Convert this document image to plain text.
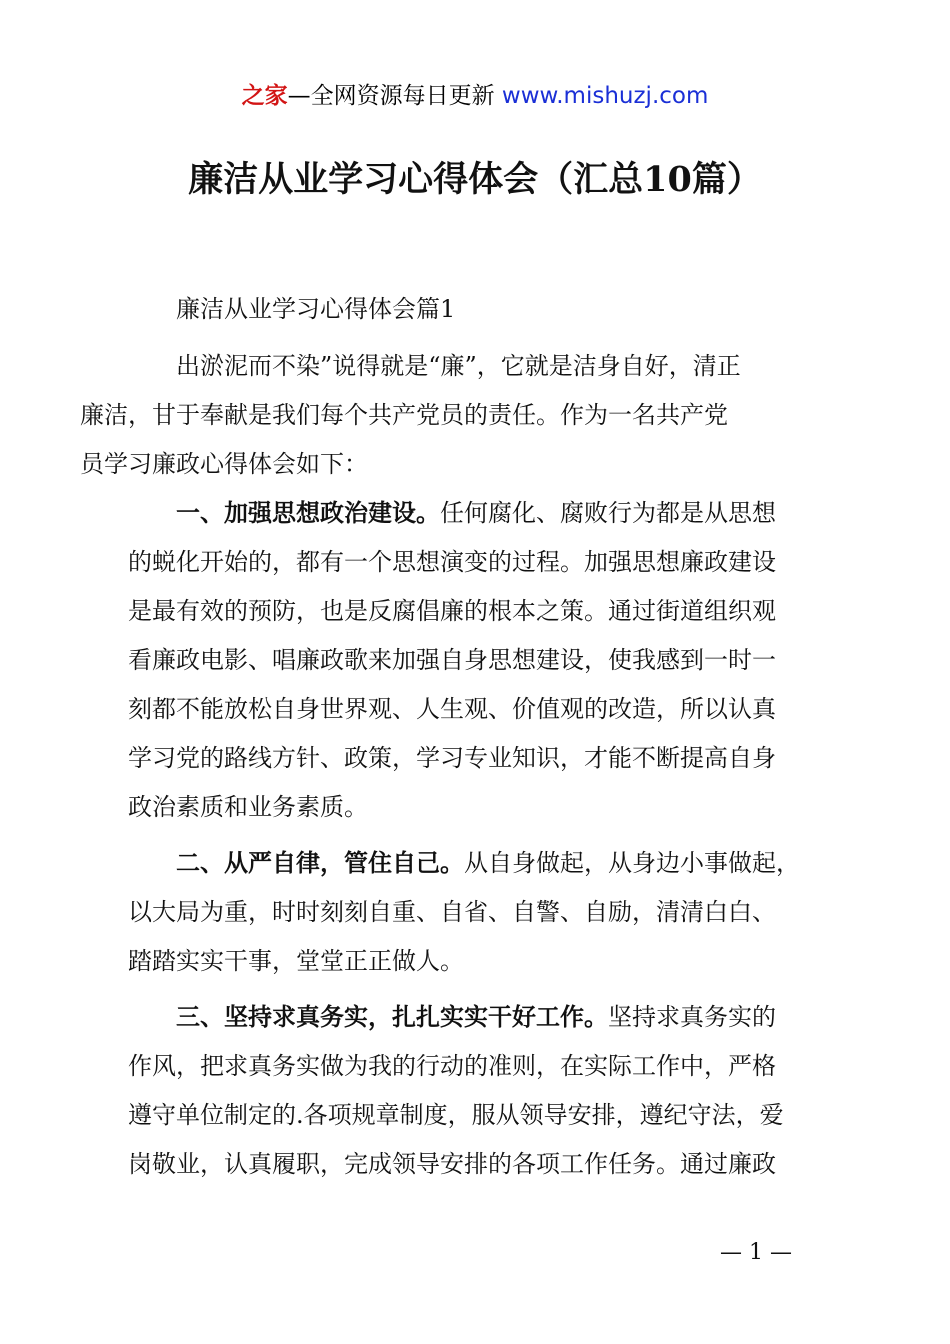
之家—全网资源每日更新 www.mishuzj.com
廉洁从业学习心得体会（汇总10篇）

廉洁从业学习心得体会篇1

出淤泥而不染”说得就是“廉”，它就是洁身自好，清正
廉洁，甘于奉献是我们每个共产党员的责任。作为一名共产党
员学习廉政心得体会如下：

一、加强思想政治建设。任何腐化、腐败行为都是从思想
的蜕化开始的，都有一个思想演变的过程。加强思想廉政建设
是最有效的预防，也是反腐倡廉的根本之策。通过街道组织观
看廉政电影、唱廉政歌来加强自身思想建设，使我感到一时一
刻都不能放松自身世界观、人生观、价值观的改造，所以认真
学习党的路线方针、政策，学习专业知识，才能不断提高自身
政治素质和业务素质。

二、从严自律，管住自己。从自身做起，从身边小事做起，
以大局为重，时时刻刻自重、自省、自警、自励，清清白白、
踏踏实实干事，堂堂正正做人。

三、坚持求真务实，扎扎实实干好工作。坚持求真务实的
作风，把求真务实做为我的行动的准则，在实际工作中，严格
遵守单位制定的.各项规章制度，服从领导安排，遵纪守法，爱
岗敬业，认真履职，完成领导安排的各项工作任务。通过廉政

— 1 —
